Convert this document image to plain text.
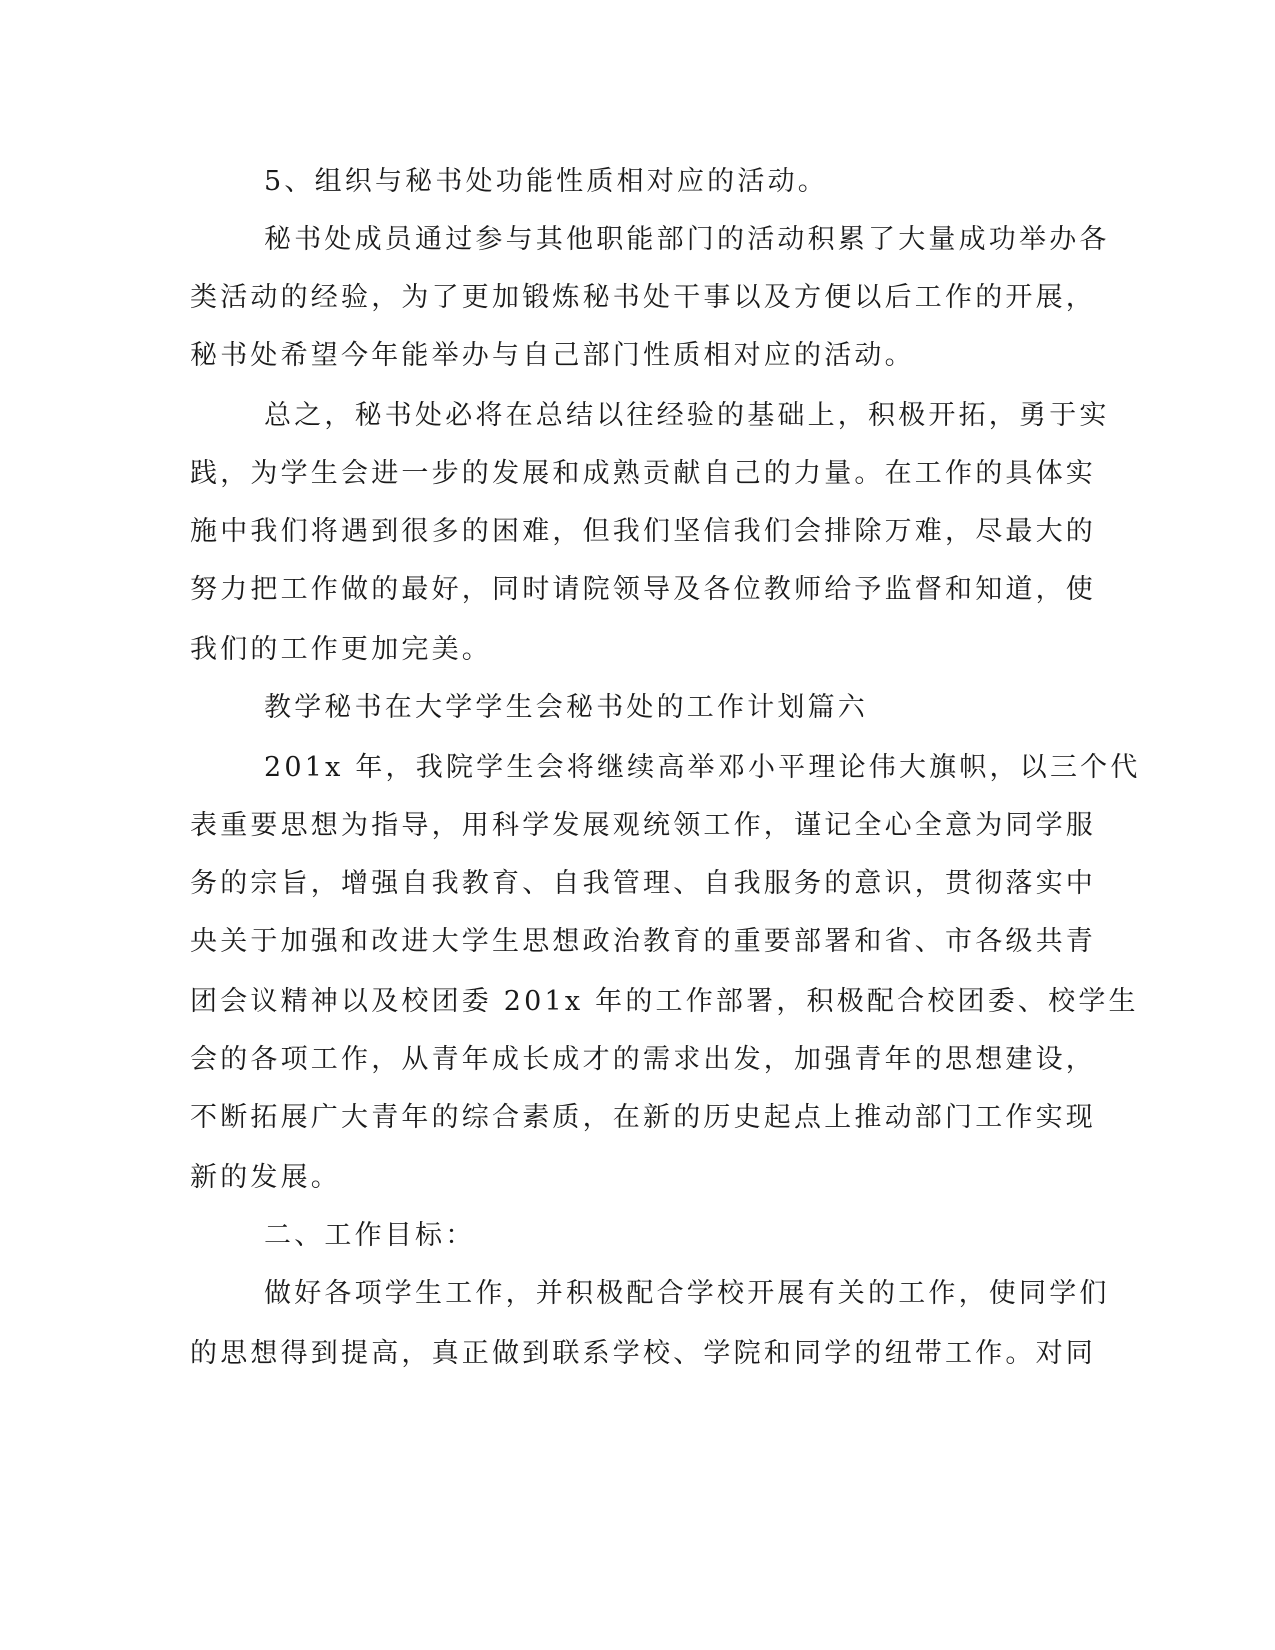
5、组织与秘书处功能性质相对应的活动。
秘书处成员通过参与其他职能部门的活动积累了大量成功举办各
类活动的经验，为了更加锻炼秘书处干事以及方便以后工作的开展，
秘书处希望今年能举办与自己部门性质相对应的活动。
总之，秘书处必将在总结以往经验的基础上，积极开拓，勇于实
践，为学生会进一步的发展和成熟贡献自己的力量。在工作的具体实
施中我们将遇到很多的困难，但我们坚信我们会排除万难，尽最大的
努力把工作做的最好，同时请院领导及各位教师给予监督和知道，使
我们的工作更加完美。
教学秘书在大学学生会秘书处的工作计划篇六
201x 年，我院学生会将继续高举邓小平理论伟大旗帜，以三个代
表重要思想为指导，用科学发展观统领工作，谨记全心全意为同学服
务的宗旨，增强自我教育、自我管理、自我服务的意识，贯彻落实中
央关于加强和改进大学生思想政治教育的重要部署和省、市各级共青
团会议精神以及校团委 201x 年的工作部署，积极配合校团委、校学生
会的各项工作，从青年成长成才的需求出发，加强青年的思想建设，
不断拓展广大青年的综合素质，在新的历史起点上推动部门工作实现
新的发展。
二、工作目标：
做好各项学生工作，并积极配合学校开展有关的工作，使同学们
的思想得到提高，真正做到联系学校、学院和同学的纽带工作。对同
